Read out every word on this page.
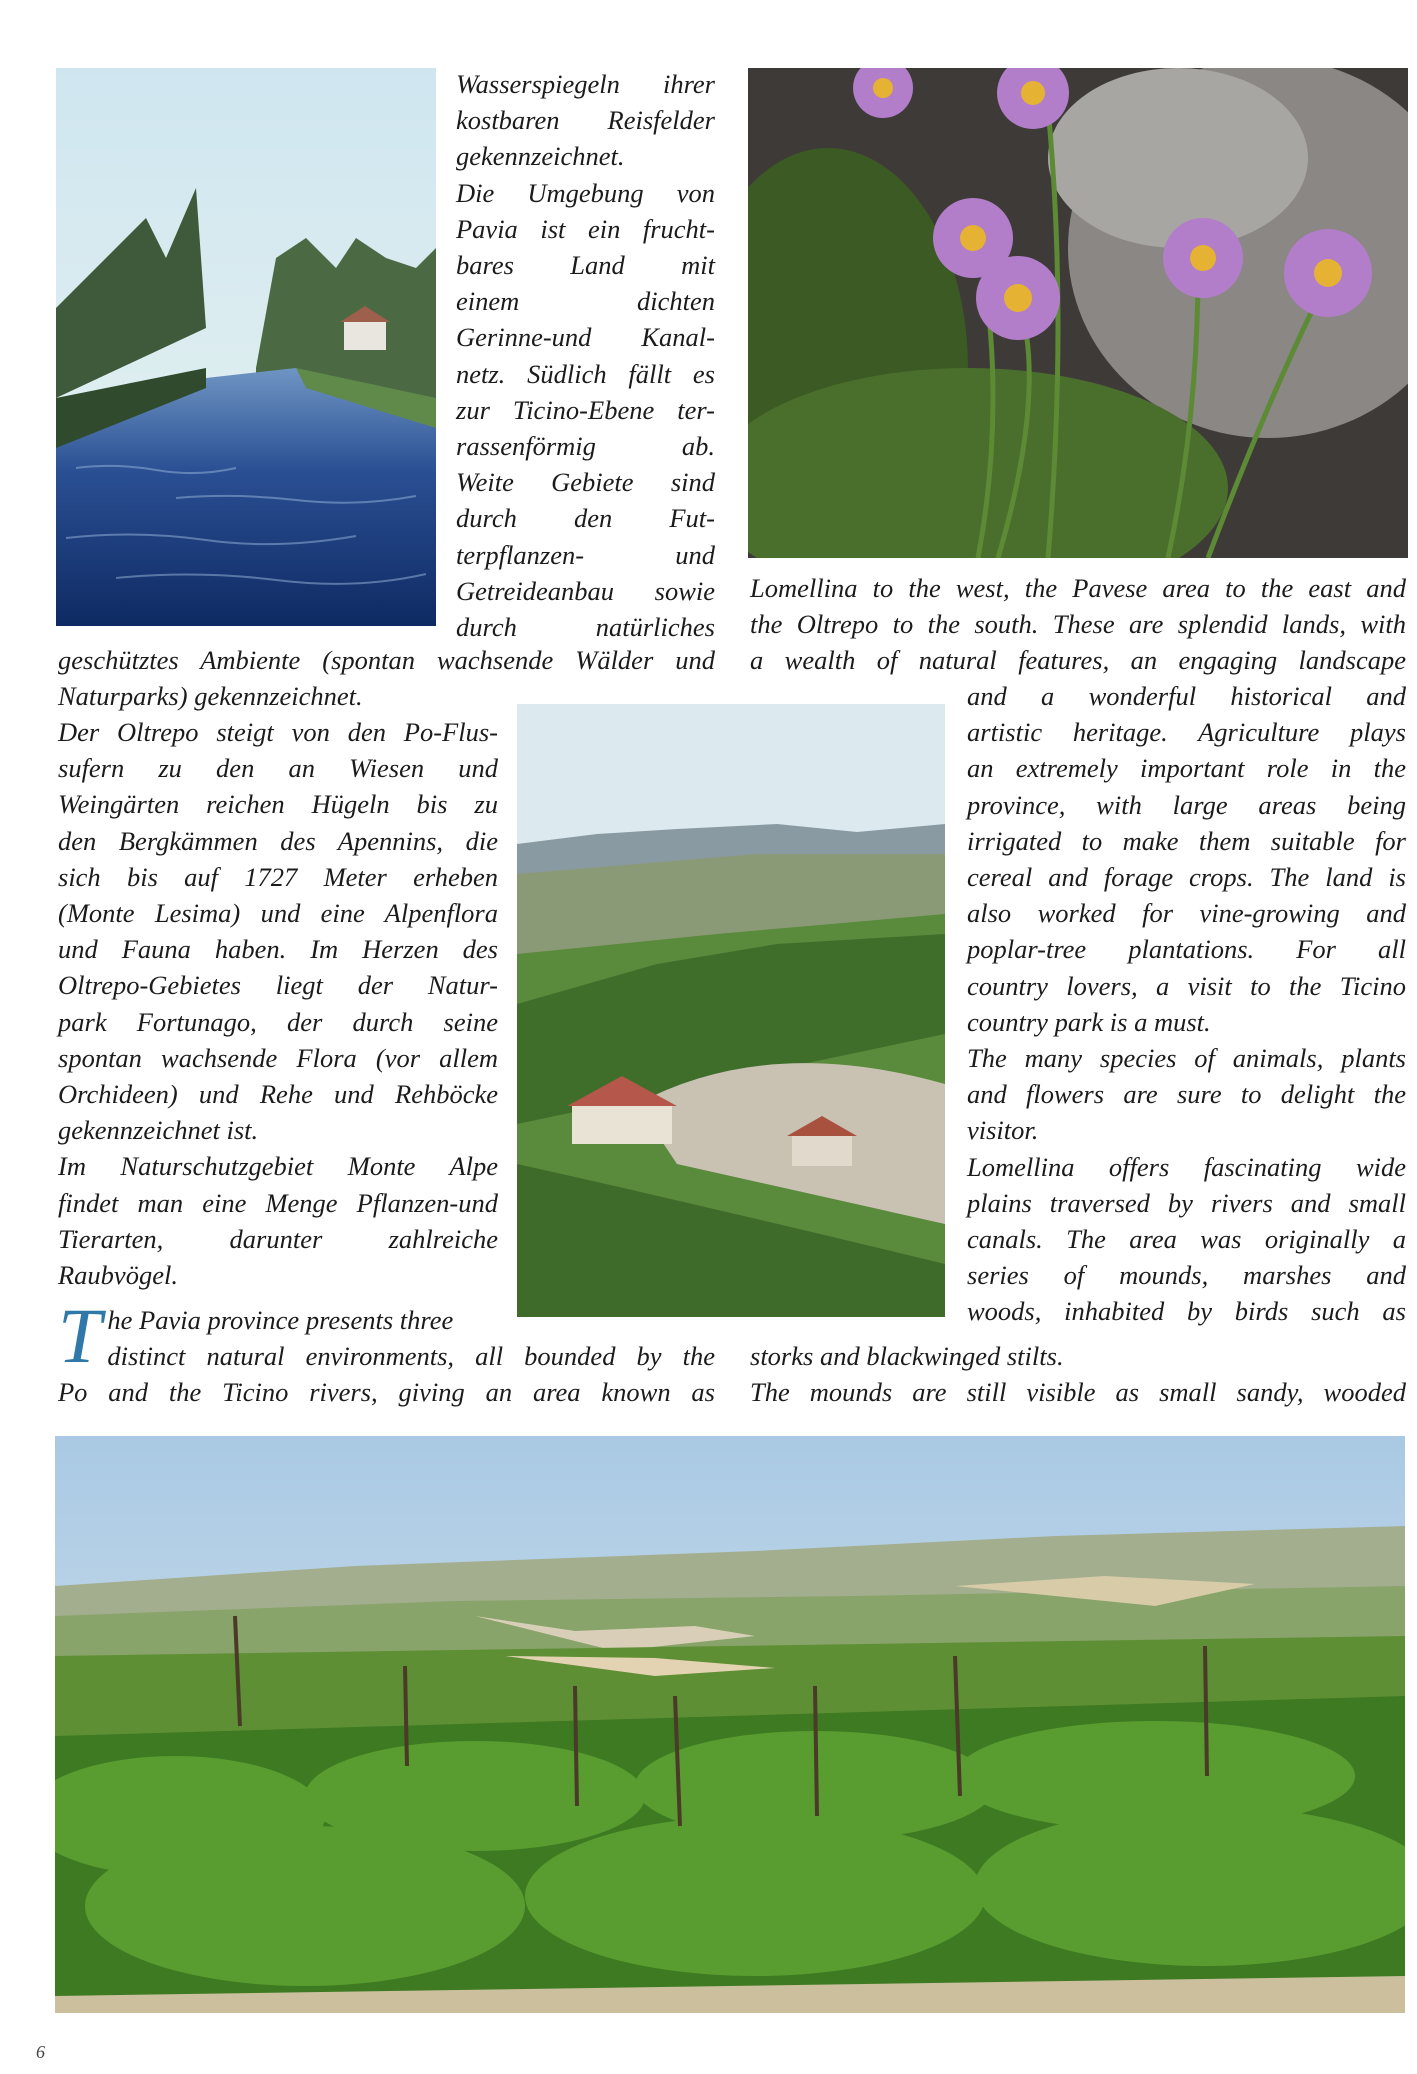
Wasserspiegeln ihrer

kostbaren Reisfelder

gekennzeichnet.

Die Umgebung von

Pavia ist ein frucht-

bares Land mit

einem dichten

Gerinne-und Kanal-

netz. Südlich fällt es

zur Ticino-Ebene ter-

rassenförmig ab.

Weite Gebiete sind

durch den Fut-

terpflanzen- und

Getreideanbau sowie

durch natürliches

geschütztes Ambiente (spontan wachsende Wälder und

Naturparks) gekennzeichnet.

Der Oltrepo steigt von den Po-Flus-

sufern zu den an Wiesen und

Weingärten reichen Hügeln bis zu

den Bergkämmen des Apennins, die

sich bis auf 1727 Meter erheben

(Monte Lesima) und eine Alpenflora

und Fauna haben. Im Herzen des

Oltrepo-Gebietes liegt der Natur-

park Fortunago, der durch seine

spontan wachsende Flora (vor allem

Orchideen) und Rehe und Rehböcke

gekennzeichnet ist.

Im Naturschutzgebiet Monte Alpe

findet man eine Menge Pflanzen-und

Tierarten, darunter zahlreiche

Raubvögel.

T he Pavia province presents three

distinct natural environments, all bounded by the

Po and the Ticino rivers, giving an area known as

Lomellina to the west, the Pavese area to the east and

the Oltrepo to the south. These are splendid lands, with

a wealth of natural features, an engaging landscape

and a wonderful historical and

artistic heritage. Agriculture plays

an extremely important role in the

province, with large areas being

irrigated to make them suitable for

cereal and forage crops. The land is

also worked for vine-growing and

poplar-tree plantations. For all

country lovers, a visit to the Ticino

country park is a must.

The many species of animals, plants

and flowers are sure to delight the

visitor.

Lomellina offers fascinating wide

plains traversed by rivers and small

canals. The area was originally a

series of mounds, marshes and

woods, inhabited by birds such as

storks and blackwinged stilts.

The mounds are still visible as small sandy, wooded

6
